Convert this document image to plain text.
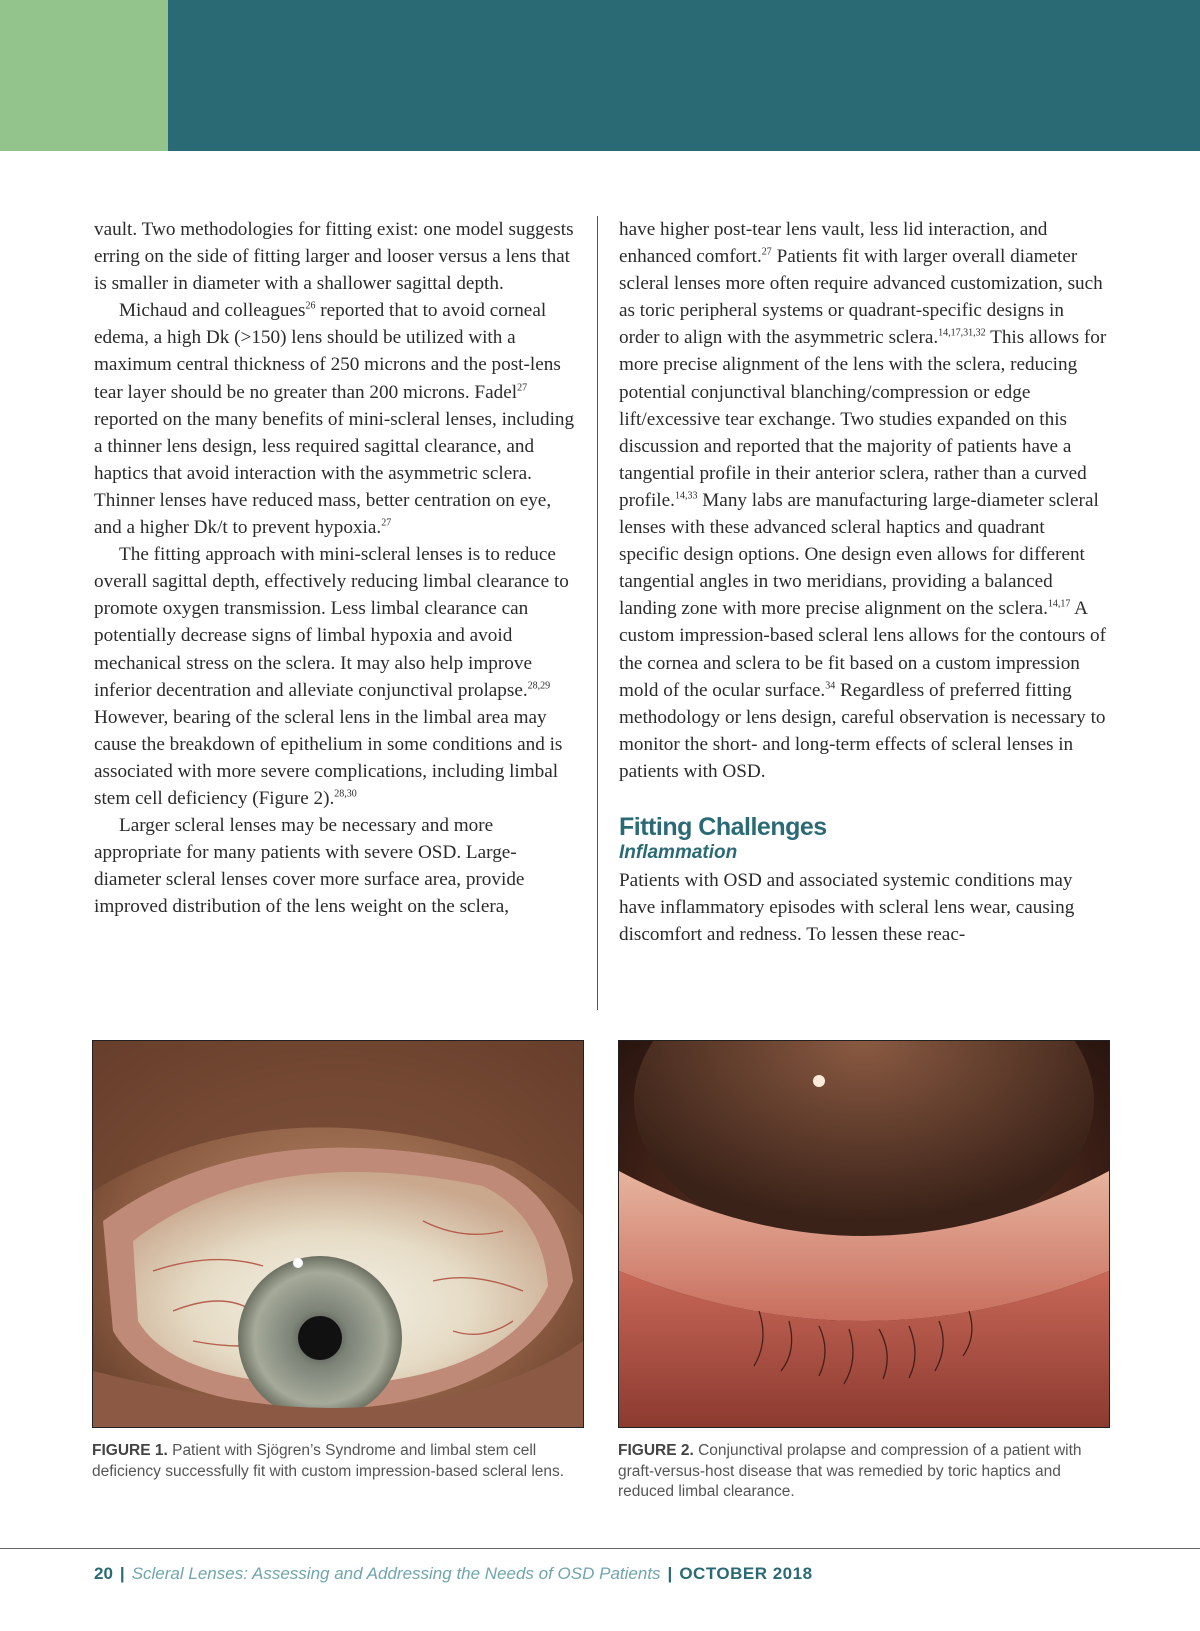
vault. Two methodologies for fitting exist: one model suggests erring on the side of fitting larger and looser versus a lens that is smaller in diameter with a shallower sagittal depth.

Michaud and colleagues$^{26}$ reported that to avoid corneal edema, a high Dk (>150) lens should be utilized with a maximum central thickness of 250 microns and the post-lens tear layer should be no greater than 200 microns. Fadel$^{27}$ reported on the many benefits of mini-scleral lenses, including a thinner lens design, less required sagittal clearance, and haptics that avoid interaction with the asymmetric sclera. Thinner lenses have reduced mass, better centration on eye, and a higher Dk/t to prevent hypoxia.$^{27}$

The fitting approach with mini-scleral lenses is to reduce overall sagittal depth, effectively reducing limbal clearance to promote oxygen transmission. Less limbal clearance can potentially decrease signs of limbal hypoxia and avoid mechanical stress on the sclera. It may also help improve inferior decentration and alleviate conjunctival prolapse.$^{28,29}$ However, bearing of the scleral lens in the limbal area may cause the breakdown of epithelium in some conditions and is associated with more severe complications, including limbal stem cell deficiency (Figure 2).$^{28,30}$

Larger scleral lenses may be necessary and more appropriate for many patients with severe OSD. Large-diameter scleral lenses cover more surface area, provide improved distribution of the lens weight on the sclera,

have higher post-tear lens vault, less lid interaction, and enhanced comfort.$^{27}$ Patients fit with larger overall diameter scleral lenses more often require advanced customization, such as toric peripheral systems or quadrant-specific designs in order to align with the asymmetric sclera.$^{14,17,31,32}$ This allows for more precise alignment of the lens with the sclera, reducing potential conjunctival blanching/compression or edge lift/excessive tear exchange. Two studies expanded on this discussion and reported that the majority of patients have a tangential profile in their anterior sclera, rather than a curved profile.$^{14,33}$ Many labs are manufacturing large-diameter scleral lenses with these advanced scleral haptics and quadrant specific design options. One design even allows for different tangential angles in two meridians, providing a balanced landing zone with more precise alignment on the sclera.$^{14,17}$ A custom impression-based scleral lens allows for the contours of the cornea and sclera to be fit based on a custom impression mold of the ocular surface.$^{34}$ Regardless of preferred fitting methodology or lens design, careful observation is necessary to monitor the short- and long-term effects of scleral lenses in patients with OSD.

Fitting Challenges
Inflammation

Patients with OSD and associated systemic conditions may have inflammatory episodes with scleral lens wear, causing discomfort and redness. To lessen these reac-

FIGURE 1. Patient with Sjögren’s Syndrome and limbal stem cell deficiency successfully fit with custom impression-based scleral lens.
FIGURE 2. Conjunctival prolapse and compression of a patient with graft-versus-host disease that was remedied by toric haptics and reduced limbal clearance.
20 | Scleral Lenses: Assessing and Addressing the Needs of OSD Patients | OCTOBER 2018
